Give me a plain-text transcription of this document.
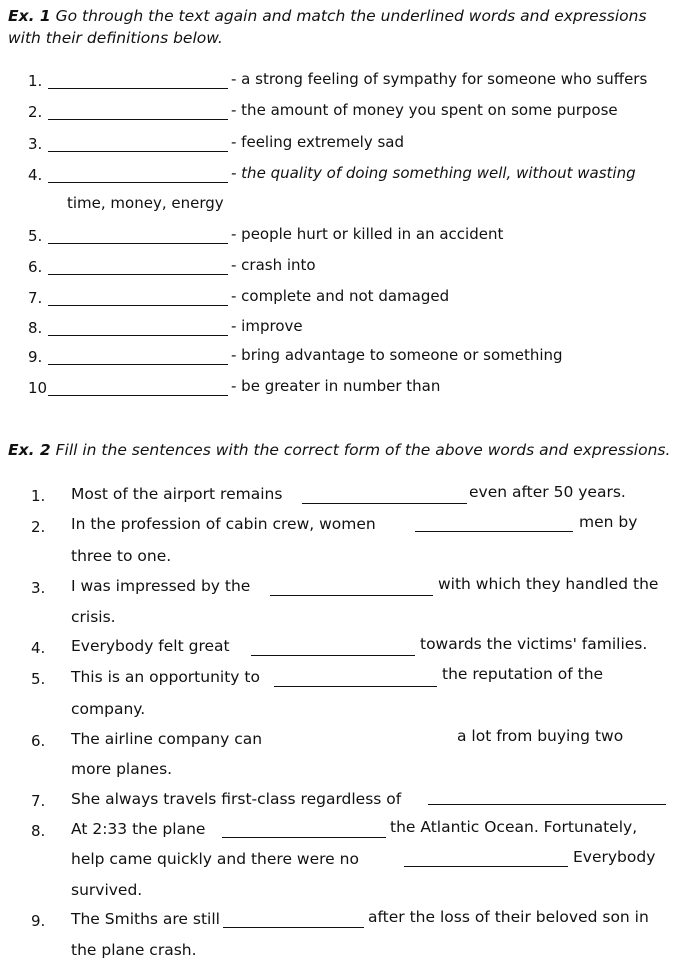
Ex. 1 Go through the text again and match the underlined words and expressions
with their definitions below.
1.	- a strong feeling of sympathy for someone who suffers
2.	- the amount of money you spent on some purpose
3.	- feeling extremely sad
4.	- the quality of doing something well, without wasting
time, money, energy
5.	- people hurt or killed in an accident
6.	- crash into
7.	- complete and not damaged
8.	- improve
9.	- bring advantage to someone or something
10	- be greater in number than
Ex. 2 Fill in the sentences with the correct form of the above words and expressions.
1. Most of the airport remains	even after 50 years.
2. In the profession of cabin crew, women	men by
three to one.
3. I was impressed by the	with which they handled the
crisis.
4. Everybody felt great	towards the victims' families.
5. This is an opportunity to	the reputation of the
company.
6. The airline company can	a lot from buying two
more planes.
7. She always travels first-class regardless of
8. At 2:33 the plane	the Atlantic Ocean. Fortunately,
help came quickly and there were no	Everybody
survived.
9. The Smiths are still	after the loss of their beloved son in
the plane crash.
